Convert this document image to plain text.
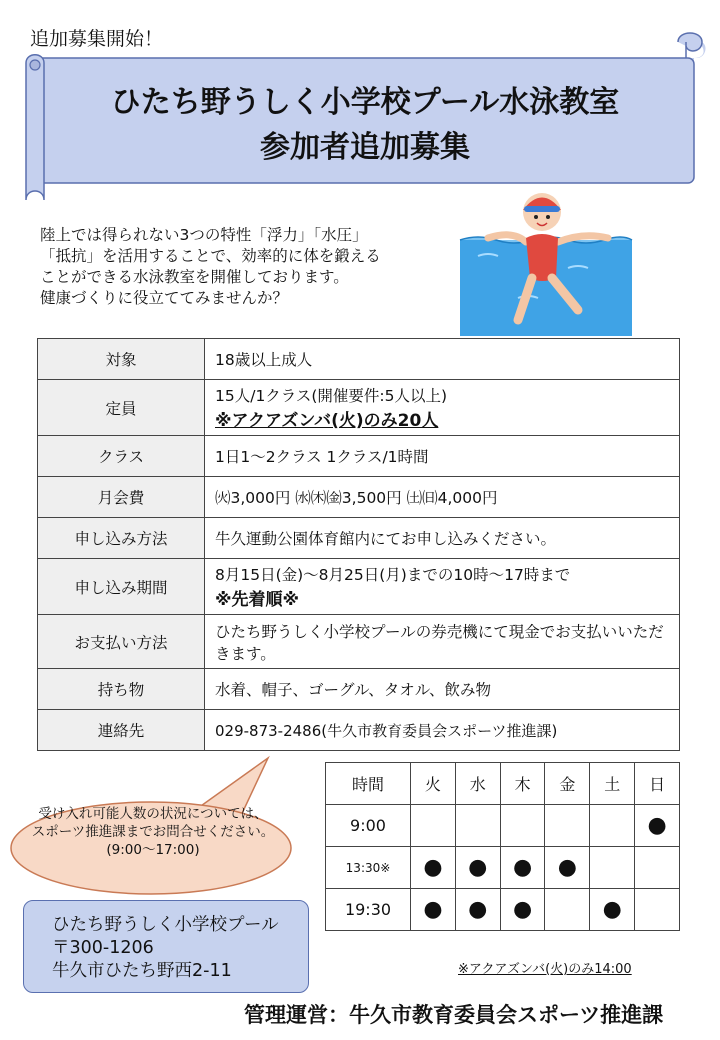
追加募集開始！
ひたち野うしく小学校プール水泳教室
参加者追加募集
陸上では得られない3つの特性「浮力」「水圧」
「抵抗」を活用することで、効率的に体を鍛える
ことができる水泳教室を開催しております。
健康づくりに役立ててみませんか？
対象	18歳以上成人
定員	15人/1クラス(開催要件:5人以上)
※アクアズンバ(火)のみ20人

クラス	1日1～2クラス 1クラス/1時間
月会費	㈫3,000円 ㈬㈭㈮3,500円 ㈯㈰4,000円
申し込み方法	牛久運動公園体育館内にてお申し込みください。
申し込み期間	8月15日(金)～8月25日(月)までの10時～17時まで
※先着順※

お支払い方法	ひたち野うしく小学校プールの券売機にて現金でお支払いいただきます。
持ち物	水着、帽子、ゴーグル、タオル、飲み物
連絡先	029-873-2486(牛久市教育委員会スポーツ推進課)
受け入れ可能人数の状況については、
スポーツ推進課までお問合せください。
(9:00～17:00)
ひたち野うしく小学校プール
〒300-1206
牛久市ひたち野西2-11
時間	火	水	木	金	土	日
9:00						●
13:30※	●	●	●	●		
19:30	●	●	●		●	
※アクアズンバ(火)のみ14:00
管理運営：牛久市教育委員会スポーツ推進課
